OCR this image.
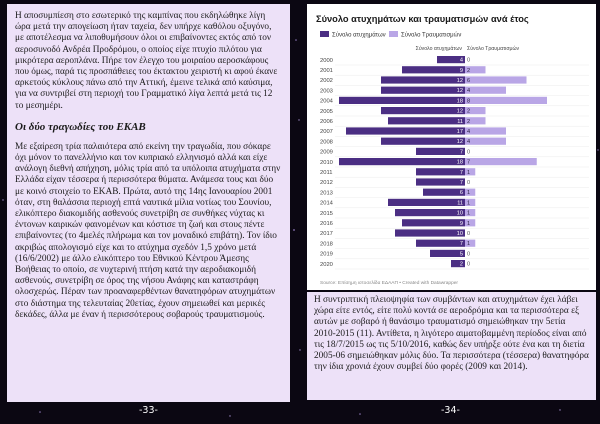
Η αποσυμπίεση στο εσωτερικό της καμπίνας που εκδηλώθηκε λίγη ώρα μετά την απογείωση ήταν ταχεία, δεν υπήρχε καθόλου οξυγόνο, με αποτέλεσμα να λιποθυμήσουν όλοι οι επιβαίνοντες εκτός από τον αεροσυνοδό Ανδρέα Προδρόμου, ο οποίος είχε πτυχίο πιλότου για μικρότερα αεροπλάνα. Πήρε τον έλεγχο του μοιραίου αεροσκάφους που όμως, παρά τις προσπάθειες του έκτακτου χειριστή κι αφού έκανε αρκετούς κύκλους πάνω από την Αττική, έμεινε τελικά από καύσιμα, για να συντριβεί στη περιοχή του Γραμματικό λίγα λεπτά μετά τις 12 το μεσημέρι.

Οι δύο τραγωδίες του ΕΚΑΒ

Με εξαίρεση τρία παλαιότερα από εκείνη την τραγωδία, που σόκαρε όχι μόνον το πανελλήνιο και τον κυπριακό ελληνισμό αλλά και είχε ανάλογη διεθνή απήχηση, μόλις τρία από τα υπόλοιπα ατυχήματα στην Ελλάδα είχαν τέσσερα ή περισσότερα θύματα. Ανάμεσα τους και δύο με κοινό στοιχείο το ΕΚΑΒ. Πρώτα, αυτό της 14ης Ιανουαρίου 2001 όταν, στη θαλάσσια περιοχή επτά ναυτικά μίλια νοτίως του Σουνίου, ελικόπτερο διακομιδής ασθενούς συνετρίβη σε συνθήκες νύχτας κι έντονων καιρικών φαινομένων και κόστισε τη ζωή και στους πέντε επιβαίνοντες (το 4μελές πλήρωμα και τον μοναδικό επιβάτη). Τον ίδιο ακριβώς απολογισμό είχε και το ατύχημα σχεδόν 1,5 χρόνο μετά (16/6/2002) με άλλο ελικόπτερο του Εθνικού Κέντρου Άμεσης Βοήθειας το οποίο, σε νυχτερινή πτήση κατά την αεροδιακομιδή ασθενούς, συνετρίβη σε όρος της νήσου Ανάφης και καταστράφη ολοσχερώς. Πέραν των προαναφερθέντων θανατηφόρων ατυχημάτων στο διάστημα της τελευταίας 20ετίας, έχουν σημειωθεί και μερικές δεκάδες, άλλα με έναν ή περισσότερους σοβαρούς τραυματισμούς.

Σύνολο ατυχημάτων και τραυματισμών ανά έτος
Σύνολο ατυχημάτων	Σύνολο Τραυματισμών
Σύνολο ατυχημάτων Σύνολο Τραυματισμών
2000	4 0
2001	9 2
2002	12 6
2003	12 4
2004	18 8
2005	12 2
2006	11 2
2007	17 4
2008	12 4
2009	7 0
2010	18 7
2011	7 1
2012	7 0
2013	6 1
2014	11 1
2015	10 1
2016	9 1
2017	10 0
2018	7 1
2019	5 0
2020	2 0
Source: Επίσημη ιστοσελίδα ΕΔΑΑΠ • Created with Datawrapper

Η συντριπτική πλειοψηφία των συμβάντων και ατυχημάτων έχει λάβει χώρα είτε εντός, είτε πολύ κοντά σε αεροδρόμια και τα περισσότερα εξ αυτών με σοβαρό ή θανάσιμο τραυματισμό σημειώθηκαν την 5ετία 2010-2015 (11). Αντίθετα, η λιγότερο αιματοβαμμένη περίοδος είναι από τις 18/7/2015 ως τις 5/10/2016, καθώς δεν υπήρξε ούτε ένα και τη διετία 2005-06 σημειώθηκαν μόλις δύο. Τα περισσότερα (τέσσερα) θανατηφόρα την ίδια χρονιά έχουν συμβεί δύο φορές (2009 και 2014).

-33-	-34-
